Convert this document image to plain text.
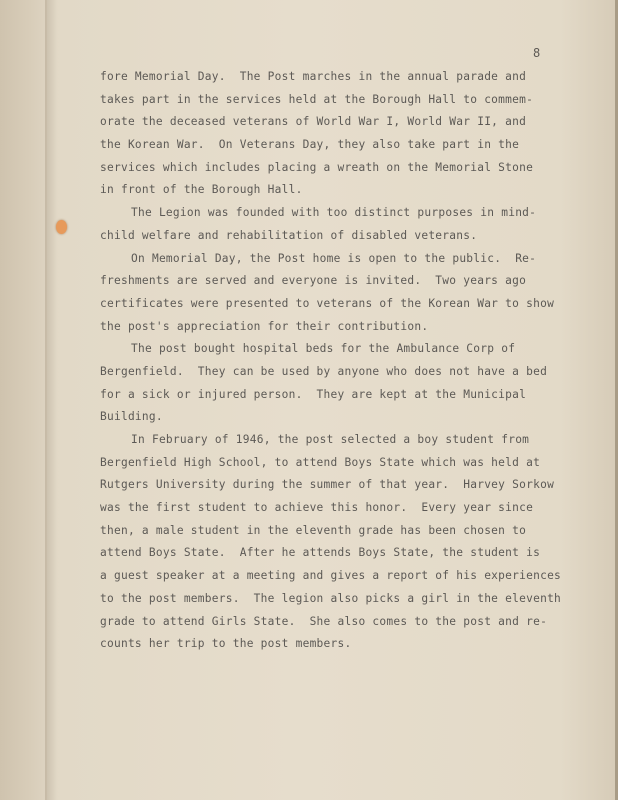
8
fore Memorial Day.  The Post marches in the annual parade and
takes part in the services held at the Borough Hall to commem-
orate the deceased veterans of World War I, World War II, and
the Korean War.  On Veterans Day, they also take part in the
services which includes placing a wreath on the Memorial Stone
in front of the Borough Hall.
The Legion was founded with too distinct purposes in mind-
child welfare and rehabilitation of disabled veterans.
On Memorial Day, the Post home is open to the public.  Re-
freshments are served and everyone is invited.  Two years ago
certificates were presented to veterans of the Korean War to show
the post's appreciation for their contribution.
The post bought hospital beds for the Ambulance Corp of
Bergenfield.  They can be used by anyone who does not have a bed
for a sick or injured person.  They are kept at the Municipal
Building.
In February of 1946, the post selected a boy student from
Bergenfield High School, to attend Boys State which was held at
Rutgers University during the summer of that year.  Harvey Sorkow
was the first student to achieve this honor.  Every year since
then, a male student in the eleventh grade has been chosen to
attend Boys State.  After he attends Boys State, the student is
a guest speaker at a meeting and gives a report of his experiences
to the post members.  The legion also picks a girl in the eleventh
grade to attend Girls State.  She also comes to the post and re-
counts her trip to the post members.
